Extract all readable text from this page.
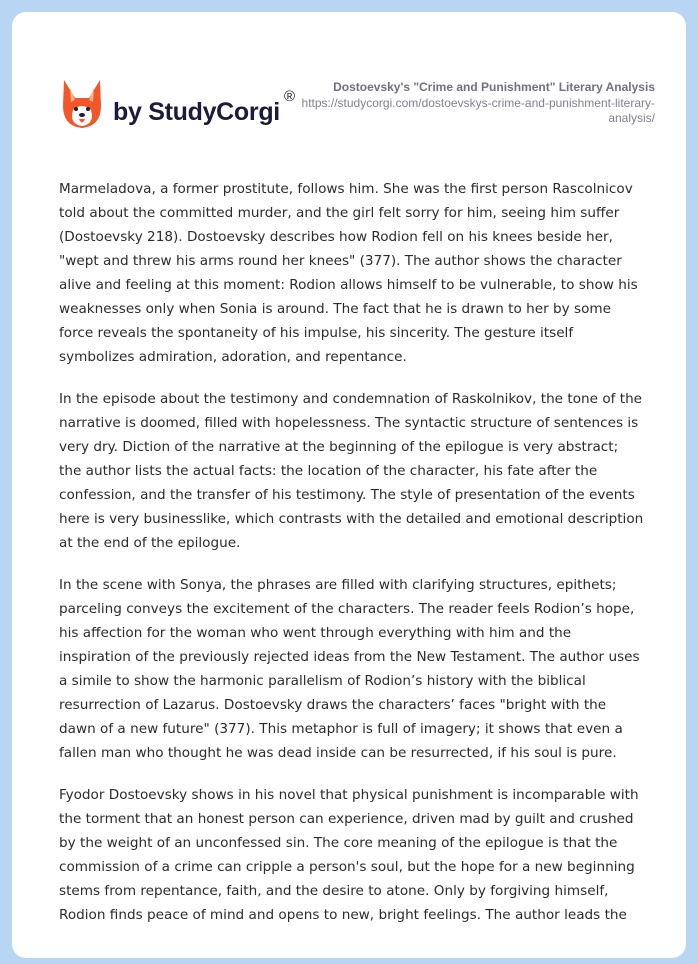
by StudyCorgi®
Dostoevsky's "Crime and Punishment" Literary Analysis
https://studycorgi.com/dostoevskys-crime-and-punishment-literary-analysis/

Marmeladova, a former prostitute, follows him. She was the first person Rascolnicov told about the committed murder, and the girl felt sorry for him, seeing him suffer (Dostoevsky 218). Dostoevsky describes how Rodion fell on his knees beside her, "wept and threw his arms round her knees" (377). The author shows the character alive and feeling at this moment: Rodion allows himself to be vulnerable, to show his weaknesses only when Sonia is around. The fact that he is drawn to her by some force reveals the spontaneity of his impulse, his sincerity. The gesture itself symbolizes admiration, adoration, and repentance.

In the episode about the testimony and condemnation of Raskolnikov, the tone of the narrative is doomed, filled with hopelessness. The syntactic structure of sentences is very dry. Diction of the narrative at the beginning of the epilogue is very abstract; the author lists the actual facts: the location of the character, his fate after the confession, and the transfer of his testimony. The style of presentation of the events here is very businesslike, which contrasts with the detailed and emotional description at the end of the epilogue.

In the scene with Sonya, the phrases are filled with clarifying structures, epithets; parceling conveys the excitement of the characters. The reader feels Rodion’s hope, his affection for the woman who went through everything with him and the inspiration of the previously rejected ideas from the New Testament. The author uses a simile to show the harmonic parallelism of Rodion’s history with the biblical resurrection of Lazarus. Dostoevsky draws the characters’ faces "bright with the dawn of a new future" (377). This metaphor is full of imagery; it shows that even a fallen man who thought he was dead inside can be resurrected, if his soul is pure.

Fyodor Dostoevsky shows in his novel that physical punishment is incomparable with the torment that an honest person can experience, driven mad by guilt and crushed by the weight of an unconfessed sin. The core meaning of the epilogue is that the commission of a crime can cripple a person's soul, but the hope for a new beginning stems from repentance, faith, and the desire to atone. Only by forgiving himself, Rodion finds peace of mind and opens to new, bright feelings. The author leads the
